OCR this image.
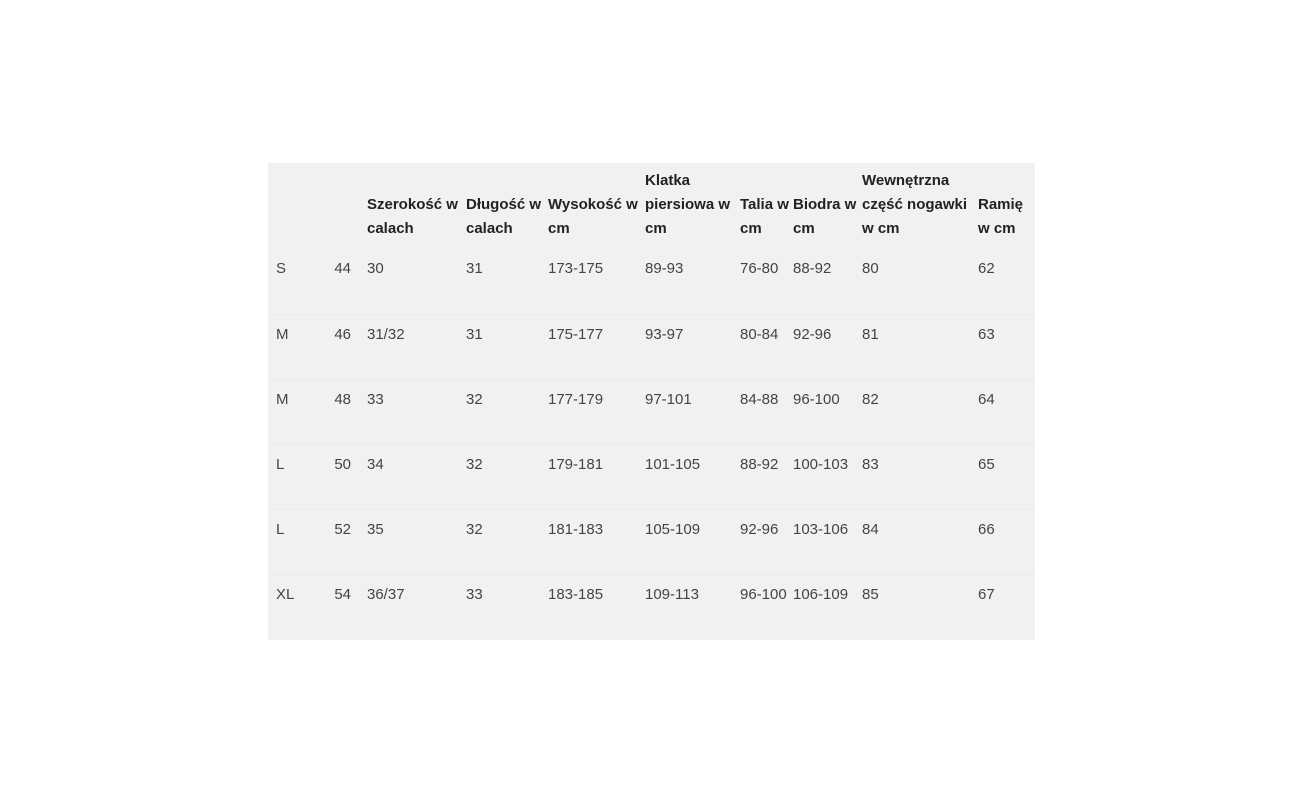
		Szerokość w calach	Długość w calach	Wysokość w cm	Klatka piersiowa w cm	Talia w cm	Biodra w cm	Wewnętrzna część nogawki w cm	Ramię w cm
S	44	30	31	173-175	89-93	76-80	88-92	80	62
M	46	31/32	31	175-177	93-97	80-84	92-96	81	63
M	48	33	32	177-179	97-101	84-88	96-100	82	64
L	50	34	32	179-181	101-105	88-92	100-103	83	65
L	52	35	32	181-183	105-109	92-96	103-106	84	66
XL	54	36/37	33	183-185	109-113	96-100	106-109	85	67
